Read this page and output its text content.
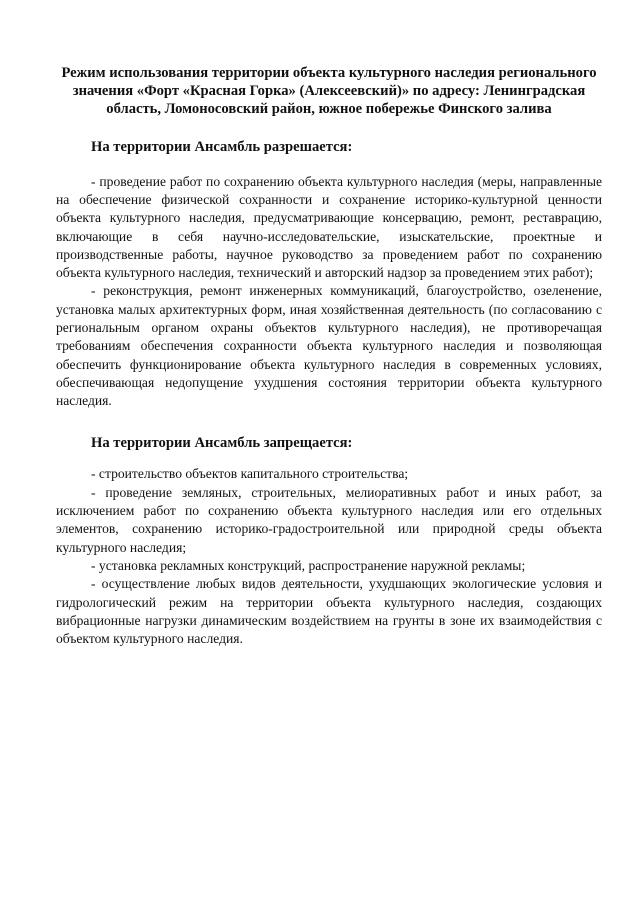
Режим использования территории объекта культурного наследия регионального значения «Форт «Красная Горка» (Алексеевский)» по адресу: Ленинградская область, Ломоносовский район, южное побережье Финского залива
На территории Ансамбль разрешается:
- проведение работ по сохранению объекта культурного наследия (меры, направленные на обеспечение физической сохранности и сохранение историко-культурной ценности объекта культурного наследия, предусматривающие консервацию, ремонт, реставрацию, включающие в себя научно-исследовательские, изыскательские, проектные и производственные работы, научное руководство за проведением работ по сохранению объекта культурного наследия, технический и авторский надзор за проведением этих работ);
- реконструкция, ремонт инженерных коммуникаций, благоустройство, озеленение, установка малых архитектурных форм, иная хозяйственная деятельность (по согласованию с региональным органом охраны объектов культурного наследия), не противоречащая требованиям обеспечения сохранности объекта культурного наследия и позволяющая обеспечить функционирование объекта культурного наследия в современных условиях, обеспечивающая недопущение ухудшения состояния территории объекта культурного наследия.
На территории Ансамбль запрещается:
- строительство объектов капитального строительства;
- проведение земляных, строительных, мелиоративных работ и иных работ, за исключением работ по сохранению объекта культурного наследия или его отдельных элементов, сохранению историко-градостроительной или природной среды объекта культурного наследия;
- установка рекламных конструкций, распространение наружной рекламы;
- осуществление любых видов деятельности, ухудшающих экологические условия и гидрологический режим на территории объекта культурного наследия, создающих вибрационные нагрузки динамическим воздействием на грунты в зоне их взаимодействия с объектом культурного наследия.
